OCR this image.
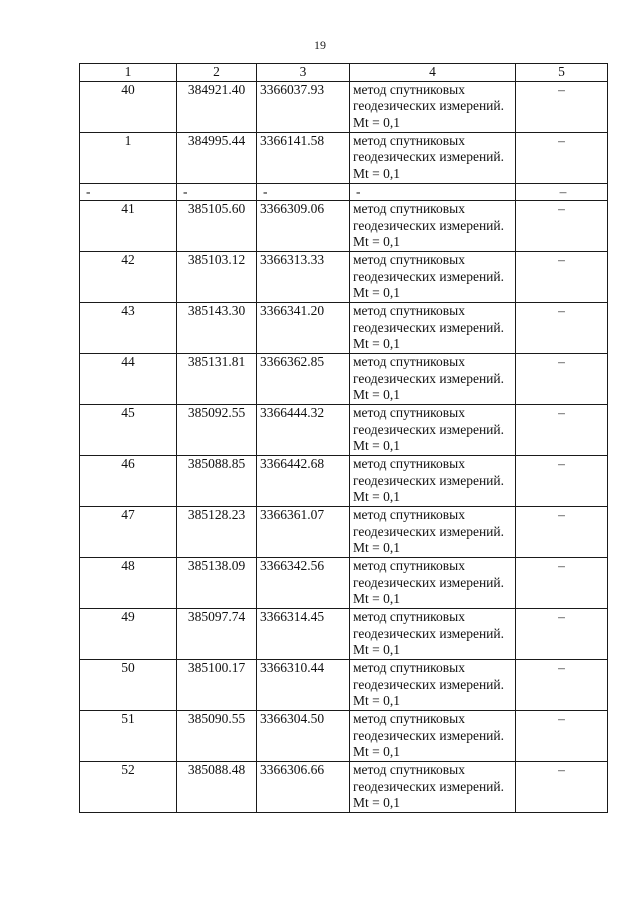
19
1	2	3	4	5
40	384921.40	3366037.93	метод спутниковых геодезических измерений. Mt = 0,1	–
1	384995.44	3366141.58	метод спутниковых геодезических измерений. Mt = 0,1	–
-	-	-	-	–
41	385105.60	3366309.06	метод спутниковых геодезических измерений. Mt = 0,1	–
42	385103.12	3366313.33	метод спутниковых геодезических измерений. Mt = 0,1	–
43	385143.30	3366341.20	метод спутниковых геодезических измерений. Mt = 0,1	–
44	385131.81	3366362.85	метод спутниковых геодезических измерений. Mt = 0,1	–
45	385092.55	3366444.32	метод спутниковых геодезических измерений. Mt = 0,1	–
46	385088.85	3366442.68	метод спутниковых геодезических измерений. Mt = 0,1	–
47	385128.23	3366361.07	метод спутниковых геодезических измерений. Mt = 0,1	–
48	385138.09	3366342.56	метод спутниковых геодезических измерений. Mt = 0,1	–
49	385097.74	3366314.45	метод спутниковых геодезических измерений. Mt = 0,1	–
50	385100.17	3366310.44	метод спутниковых геодезических измерений. Mt = 0,1	–
51	385090.55	3366304.50	метод спутниковых геодезических измерений. Mt = 0,1	–
52	385088.48	3366306.66	метод спутниковых геодезических измерений. Mt = 0,1	–
